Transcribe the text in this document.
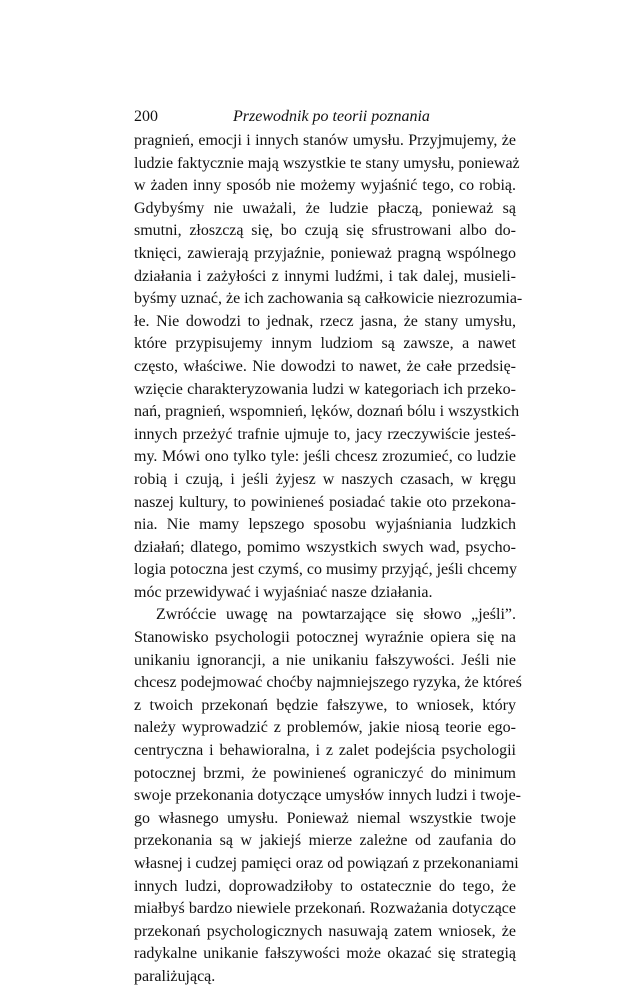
200	Przewodnik po teorii poznania
pragnień, emocji i innych stanów umysłu. Przyjmujemy, że
ludzie faktycznie mają wszystkie te stany umysłu, ponieważ
w żaden inny sposób nie możemy wyjaśnić tego, co robią.
Gdybyśmy nie uważali, że ludzie płaczą, ponieważ są
smutni, złoszczą się, bo czują się sfrustrowani albo do-
tknięci, zawierają przyjaźnie, ponieważ pragną wspólnego
działania i zażyłości z innymi ludźmi, i tak dalej, musieli-
byśmy uznać, że ich zachowania są całkowicie niezrozumia-
łe. Nie dowodzi to jednak, rzecz jasna, że stany umysłu,
które przypisujemy innym ludziom są zawsze, a nawet
często, właściwe. Nie dowodzi to nawet, że całe przedsię-
wzięcie charakteryzowania ludzi w kategoriach ich przeko-
nań, pragnień, wspomnień, lęków, doznań bólu i wszystkich
innych przeżyć trafnie ujmuje to, jacy rzeczywiście jesteś-
my. Mówi ono tylko tyle: jeśli chcesz zrozumieć, co ludzie
robią i czują, i jeśli żyjesz w naszych czasach, w kręgu
naszej kultury, to powinieneś posiadać takie oto przekona-
nia. Nie mamy lepszego sposobu wyjaśniania ludzkich
działań; dlatego, pomimo wszystkich swych wad, psycho-
logia potoczna jest czymś, co musimy przyjąć, jeśli chcemy
móc przewidywać i wyjaśniać nasze działania.
Zwróćcie uwagę na powtarzające się słowo „jeśli”.
Stanowisko psychologii potocznej wyraźnie opiera się na
unikaniu ignorancji, a nie unikaniu fałszywości. Jeśli nie
chcesz podejmować choćby najmniejszego ryzyka, że któreś
z twoich przekonań będzie fałszywe, to wniosek, który
należy wyprowadzić z problemów, jakie niosą teorie ego-
centryczna i behawioralna, i z zalet podejścia psychologii
potocznej brzmi, że powinieneś ograniczyć do minimum
swoje przekonania dotyczące umysłów innych ludzi i twoje-
go własnego umysłu. Ponieważ niemal wszystkie twoje
przekonania są w jakiejś mierze zależne od zaufania do
własnej i cudzej pamięci oraz od powiązań z przekonaniami
innych ludzi, doprowadziłoby to ostatecznie do tego, że
miałbyś bardzo niewiele przekonań. Rozważania dotyczące
przekonań psychologicznych nasuwają zatem wniosek, że
radykalne unikanie fałszywości może okazać się strategią
paraliżującą.
